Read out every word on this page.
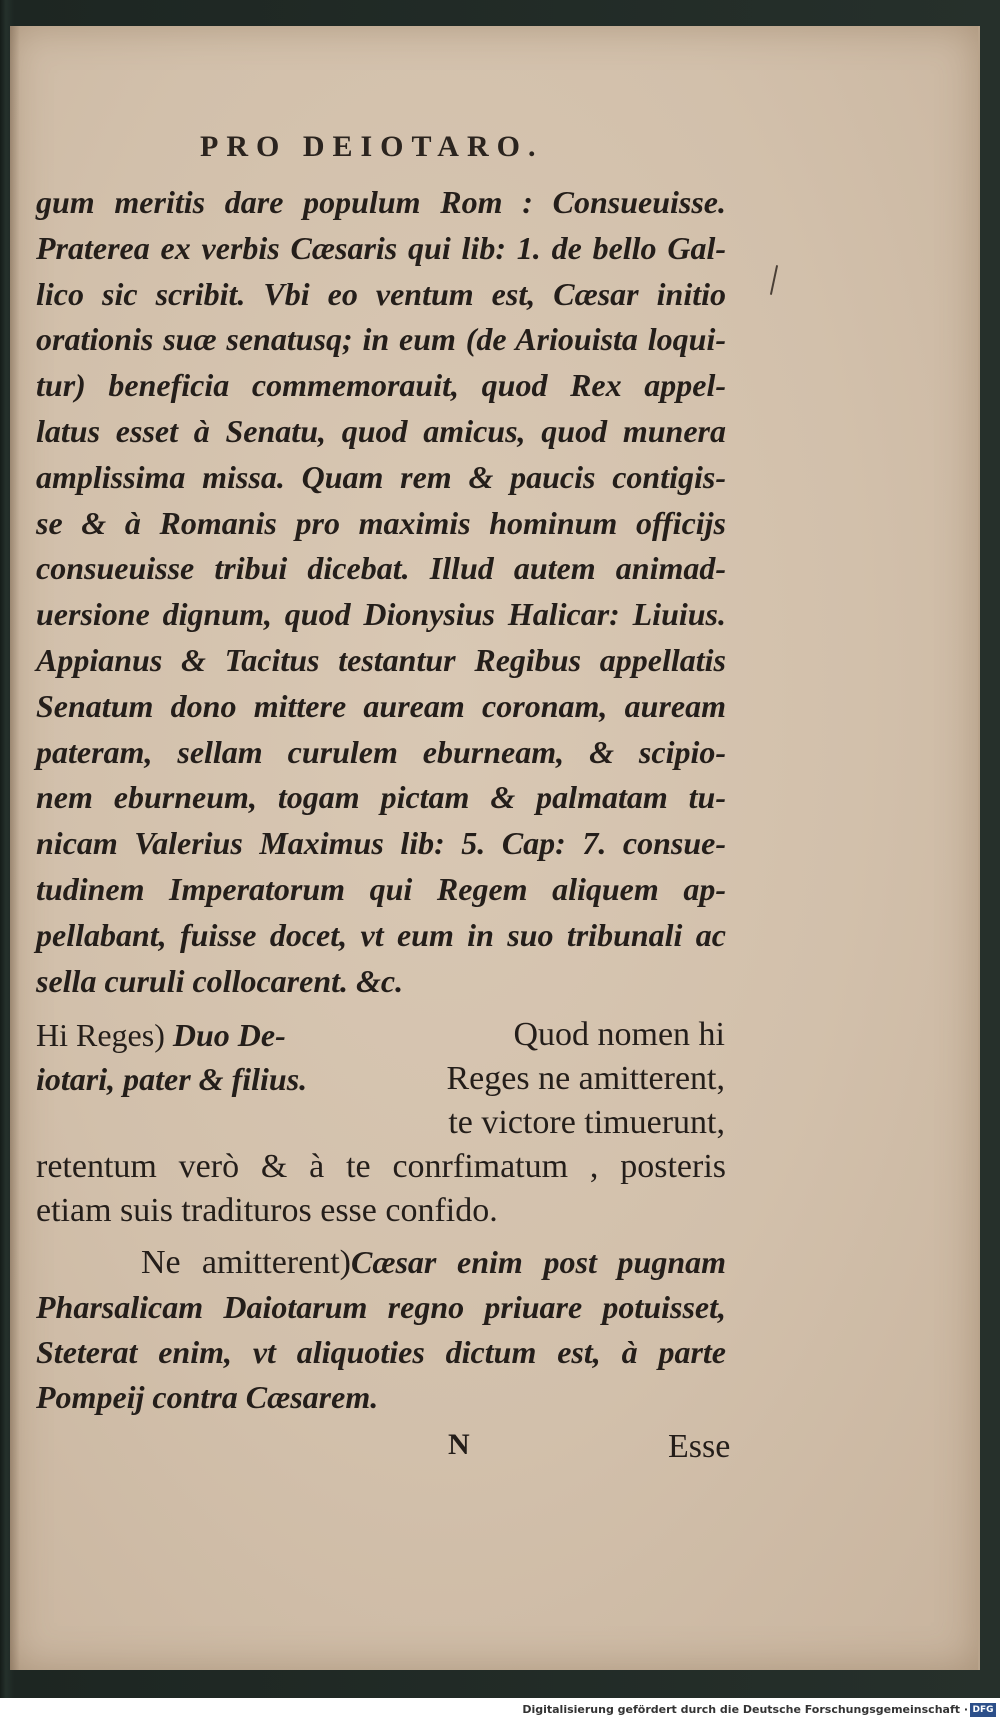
PRO DEIOTARO.
gum meritis dare populum Rom : Consueuisse.
Praterea ex verbis Cæsaris qui lib: 1. de bello Gal-
lico sic scribit. Vbi eo ventum est, Cæsar initio
orationis suæ senatusq; in eum (de Ariouista loqui-
tur) beneficia commemorauit, quod Rex appel-
latus esset à Senatu, quod amicus, quod munera
amplissima missa. Quam rem & paucis contigis-
se & à Romanis pro maximis hominum officijs
consueuisse tribui dicebat. Illud autem animad-
uersione dignum, quod Dionysius Halicar: Liuius.
Appianus & Tacitus testantur Regibus appellatis
Senatum dono mittere auream coronam, auream
pateram, sellam curulem eburneam, & scipio-
nem eburneum, togam pictam & palmatam tu-
nicam Valerius Maximus lib: 5. Cap: 7. consue-
tudinem Imperatorum qui Regem aliquem ap-
pellabant, fuisse docet, vt eum in suo tribunali ac
sella curuli collocarent. &c.
Hi Reges) Duo De-
iotari, pater & filius.
Quod nomen hi
Reges ne amitterent,
te victore timuerunt,
retentum verò & à te conrfimatum , posteris
etiam suis tradituros esse confido.
Ne amitterent)Cæsar enim post pugnam
Pharsalicam Daiotarum regno priuare potuisset,
Steterat enim, vt aliquoties dictum est, à parte
Pompeij contra Cæsarem.
N	Esse
Digitalisierung gefördert durch die Deutsche Forschungsgemeinschaft · DFG
